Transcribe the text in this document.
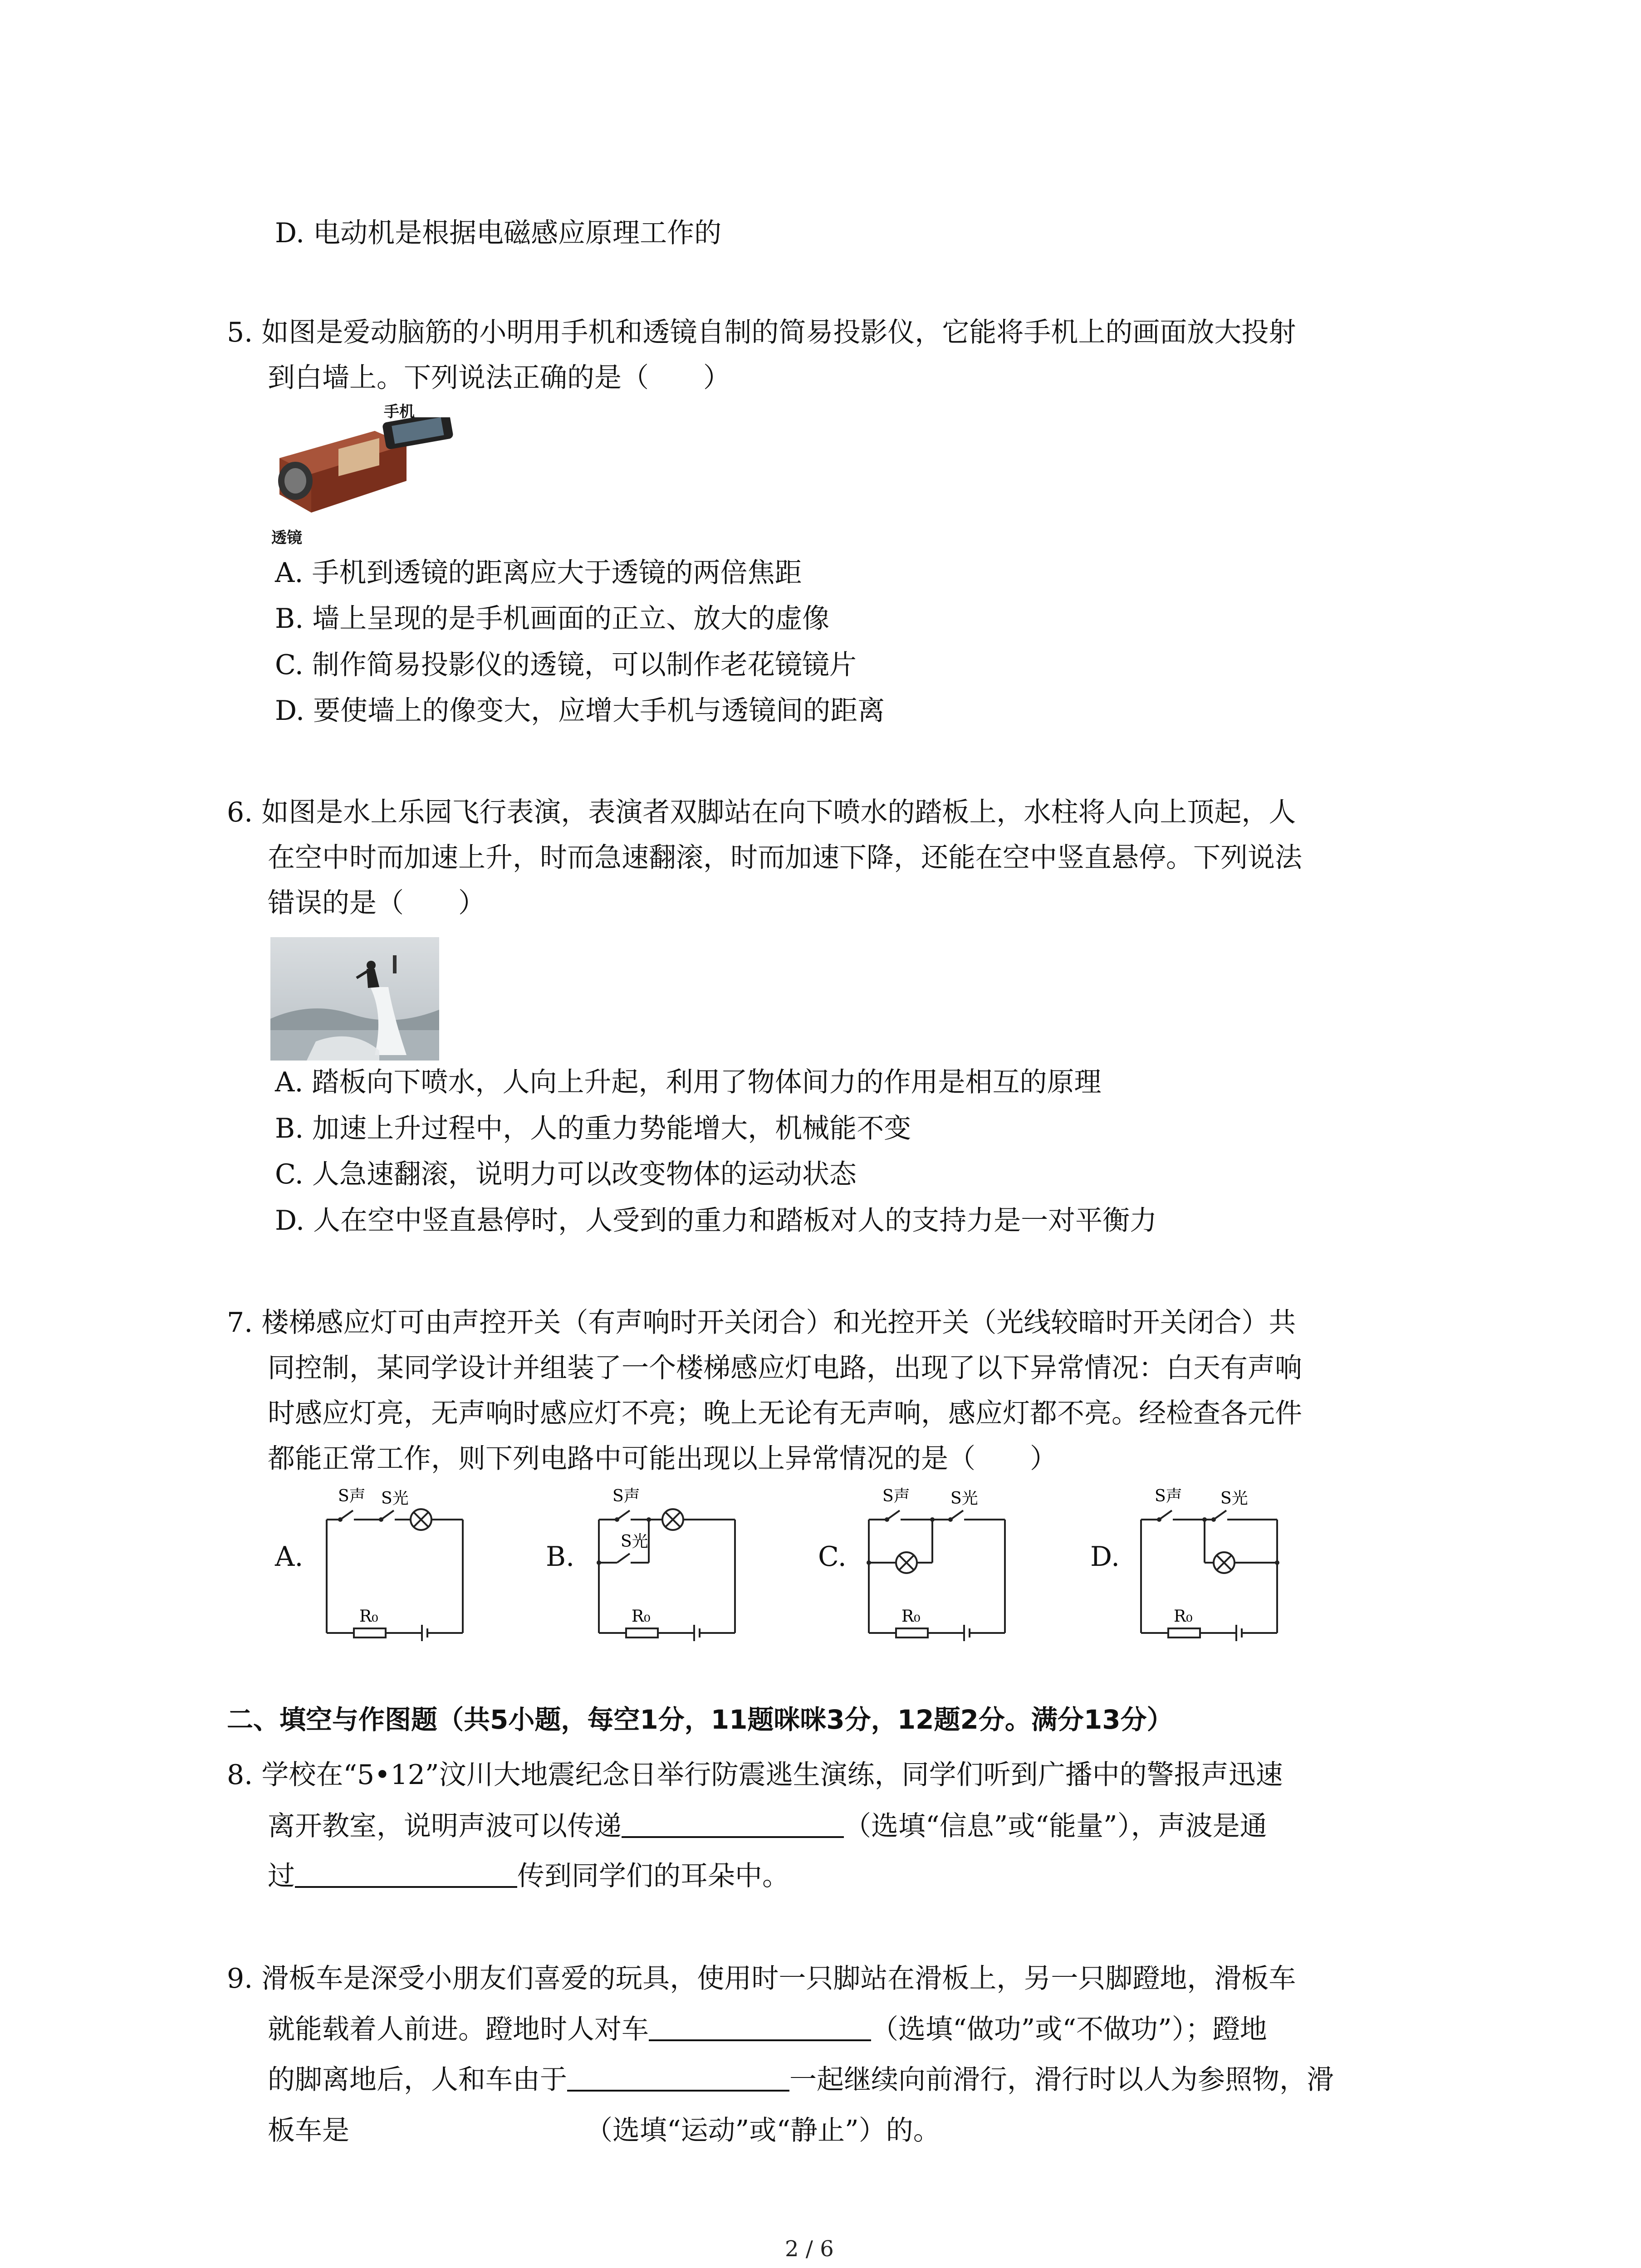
D. 电动机是根据电磁感应原理工作的
5. 如图是爱动脑筋的小明用手机和透镜自制的简易投影仪，它能将手机上的画面放大投射
到白墙上。下列说法正确的是（　　）
手机
透镜
A. 手机到透镜的距离应大于透镜的两倍焦距
B. 墙上呈现的是手机画面的正立、放大的虚像
C. 制作简易投影仪的透镜，可以制作老花镜镜片
D. 要使墙上的像变大，应增大手机与透镜间的距离
6. 如图是水上乐园飞行表演，表演者双脚站在向下喷水的踏板上，水柱将人向上顶起，人
在空中时而加速上升，时而急速翻滚，时而加速下降，还能在空中竖直悬停。下列说法
错误的是（　　）
A. 踏板向下喷水，人向上升起，利用了物体间力的作用是相互的原理
B. 加速上升过程中，人的重力势能增大，机械能不变
C. 人急速翻滚，说明力可以改变物体的运动状态
D. 人在空中竖直悬停时，人受到的重力和踏板对人的支持力是一对平衡力
7. 楼梯感应灯可由声控开关（有声响时开关闭合）和光控开关（光线较暗时开关闭合）共
同控制，某同学设计并组装了一个楼梯感应灯电路，出现了以下异常情况：白天有声响
时感应灯亮，无声响时感应灯不亮；晚上无论有无声响，感应灯都不亮。经检查各元件
都能正常工作，则下列电路中可能出现以上异常情况的是（　　）
A.	B.	C.	D.
S声 S光
R₀
S声
S光
R₀
S声 S光
R₀
S声 S光
R₀
二、填空与作图题（共5小题，每空1分，11题咪咪3分，12题2分。满分13分）
8. 学校在“5•12”汶川大地震纪念日举行防震逃生演练，同学们听到广播中的警报声迅速
离开教室，说明声波可以传递	（选填“信息”或“能量”），声波是通
过	传到同学们的耳朵中。
9. 滑板车是深受小朋友们喜爱的玩具，使用时一只脚站在滑板上，另一只脚蹬地，滑板车
就能载着人前进。蹬地时人对车	（选填“做功”或“不做功”）；蹬地
的脚离地后，人和车由于	一起继续向前滑行，滑行时以人为参照物，滑
板车是	（选填“运动”或“静止”）的。
2 / 6
